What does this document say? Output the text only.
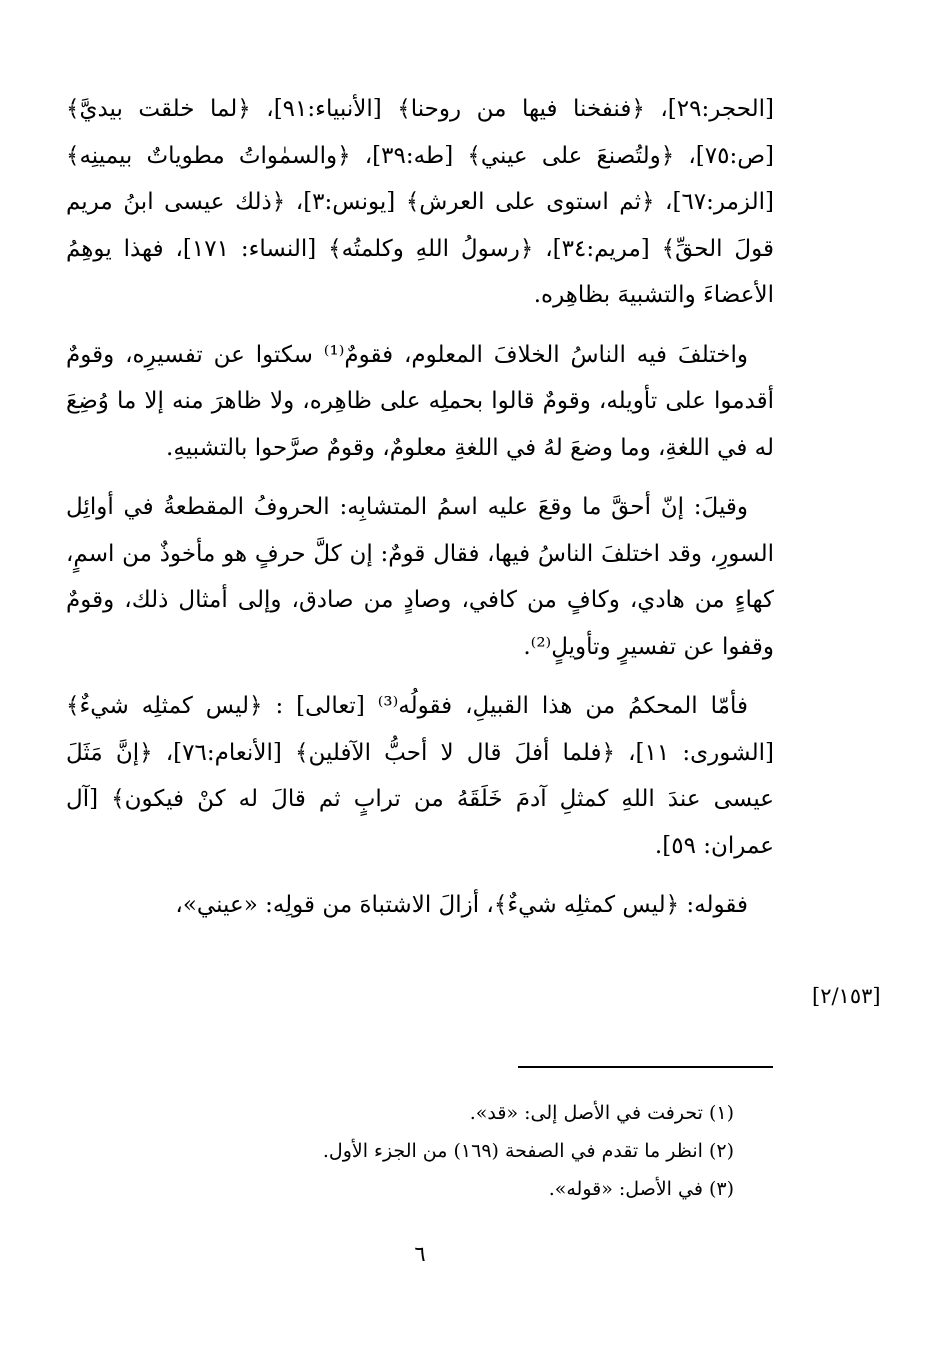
[الحجر:٢٩]، ﴿فنفخنا فيها من روحنا﴾ [الأنبياء:٩١]، ﴿لما خلقت بيديَّ﴾ [ص:٧٥]، ﴿ولتُصنعَ على عيني﴾ [طه:٣٩]، ﴿والسمٰواتُ مطوياتٌ بيمينِه﴾ [الزمر:٦٧]، ﴿ثم استوى على العرش﴾ [يونس:٣]، ﴿ذلك عيسى ابنُ مريم قولَ الحقِّ﴾ [مريم:٣٤]، ﴿رسولُ اللهِ وكلمتُه﴾ [النساء: ١٧١]، فهذا يوهِمُ الأعضاءَ والتشبيهَ بظاهِره.

واختلفَ فيه الناسُ الخلافَ المعلوم، فقومٌ⁽¹⁾ سكتوا عن تفسيرِه، وقومٌ أقدموا على تأويله، وقومٌ قالوا بحملِه على ظاهِره، ولا ظاهرَ منه إلا ما وُضِعَ له في اللغةِ، وما وضعَ لهُ في اللغةِ معلومٌ، وقومٌ صرَّحوا بالتشبيهِ.

وقيلَ: إنّ أحقَّ ما وقعَ عليه اسمُ المتشابِه: الحروفُ المقطعةُ في أوائِل السورِ، وقد اختلفَ الناسُ فيها، فقال قومٌ: إن كلَّ حرفٍ هو مأخوذٌ من اسمٍ، كهاءٍ من هادي، وكافٍ من كافي، وصادٍ من صادق، وإلى أمثال ذلك، وقومٌ وقفوا عن تفسيرٍ وتأويلٍ⁽²⁾.

فأمّا المحكمُ من هذا القبيلِ، فقولُه⁽³⁾ [تعالى] : ﴿ليس كمثلِه شيءٌ﴾ [الشورى: ١١]، ﴿فلما أفلَ قال لا أحبُّ الآفلين﴾ [الأنعام:٧٦]، ﴿إنَّ مَثَلَ عيسى عندَ اللهِ كمثلِ آدمَ خَلَقَهُ من ترابٍ ثم قالَ له كنْ فيكون﴾ [آل عمران: ٥٩].

فقوله: ﴿ليس كمثلِه شيءٌ﴾، أزالَ الاشتباهَ من قولِه: «عيني»،

[٢/١٥٣]

(١) تحرفت في الأصل إلى: «قد».

(٢) انظر ما تقدم في الصفحة (١٦٩) من الجزء الأول.

(٣) في الأصل: «قوله».

٦
